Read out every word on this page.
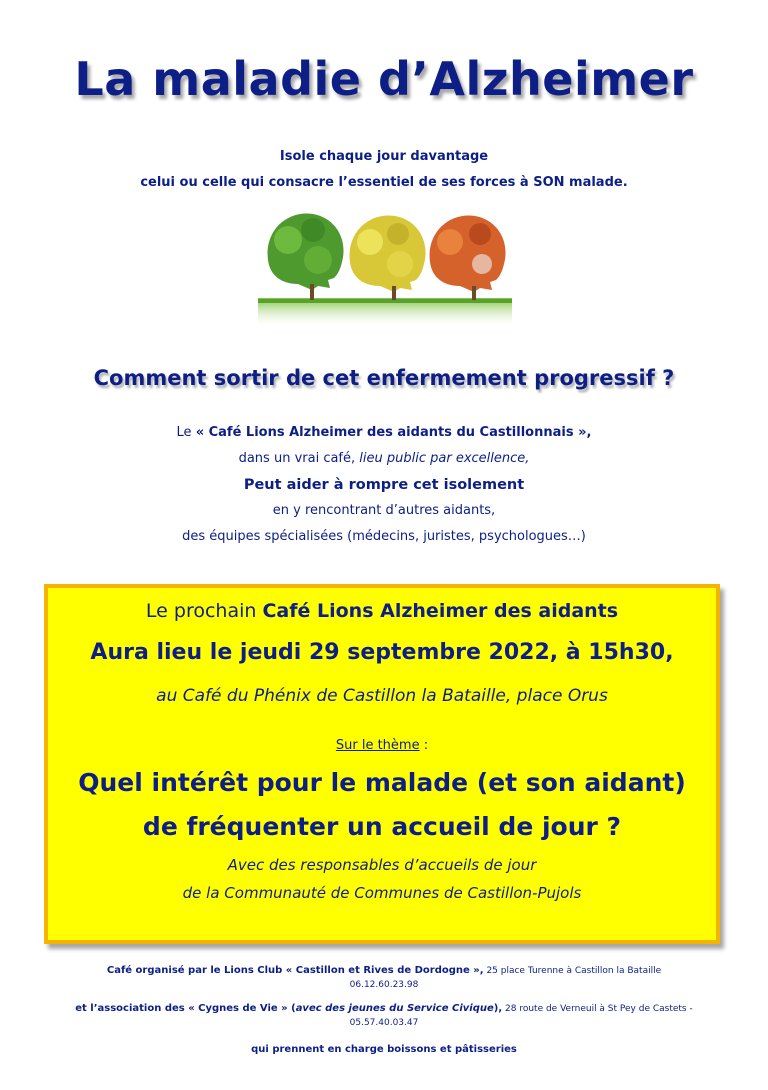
La maladie d’Alzheimer
Isole chaque jour davantage
celui ou celle qui consacre l’essentiel de ses forces à SON malade.
Comment sortir de cet enfermement progressif ?
Le « Café Lions Alzheimer des aidants du Castillonnais »,
dans un vrai café, lieu public par excellence,
Peut aider à rompre cet isolement
en y rencontrant d’autres aidants,
des équipes spécialisées (médecins, juristes, psychologues…)
Le prochain Café Lions Alzheimer des aidants
Aura lieu le jeudi 29 septembre 2022, à 15h30,
au Café du Phénix de Castillon la Bataille, place Orus
Sur le thème :
Quel intérêt pour le malade (et son aidant)
de fréquenter un accueil de jour ?
Avec des responsables d’accueils de jour
de la Communauté de Communes de Castillon-Pujols
Café organisé par le Lions Club « Castillon et Rives de Dordogne », 25 place Turenne à Castillon la Bataille
06.12.60.23.98
et l’association des « Cygnes de Vie » (avec des jeunes du Service Civique), 28 route de Verneuil à St Pey de Castets -
05.57.40.03.47
qui prennent en charge boissons et pâtisseries
